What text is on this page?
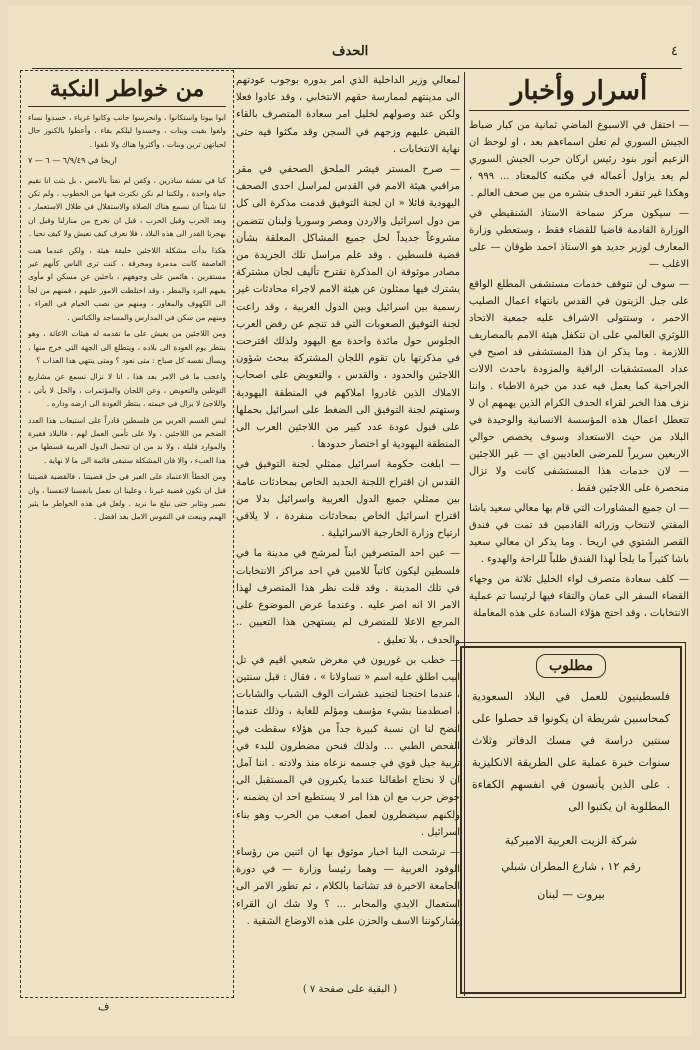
الحدف	٤
أسرار وأخبار

— احتفل في الاسبوع الماضي ثمانية من كبار ضباط الجيش السوري لم تعلن اسماءهم بعد ، او لوحظ ان الزعيم أنور بنود رئيس اركان حرب الجيش السوري لم يعد يزاول أعماله في مكتبه كالمعتاد ... ٩٩٩ ، وهكذا غير تنفرد الحدف بنشره من بين صحف العالم .

— سيكون مركز سماحة الاستاذ الشنقيطي في الوزارة القادمة قاضيا للقضاء فقط ، وستعطي وزارة المعارف لوزير جديد هو الاستاذ احمد طوقان — على الاغلب —

— سوف لن تتوقف خدمات مستشفى المطلع الواقع على جبل الزيتون في القدس بانتهاء اعمال الصليب الاحمر ، وستتولى الاشراف عليه جمعية الاتحاد اللوثري العالمي على ان تتكفل هيئة الامم بالمصاريف اللازمة . وما يذكر ان هذا المستشفى قد اصبح في عداد المستشفيات الراقية والمزودة باحدث الالات الجراحية كما يعمل فيه عدد من خيرة الاطباء . واننا نزف هذا الخبر لقراء الحدف الكرام الذين يهمهم ان لا تتعطل اعمال هذه المؤسسة الانسانية والوحيدة في البلاد من حيث الاستعداد وسوف يخصص حوالي الاربعين سريراً للمرضى العاديين اي — غير اللاجئين — لان خدمات هذا المستشفى كانت ولا تزال منحصرة على اللاجئين فقط .

— ان جميع المشاورات التي قام بها معالي سعيد باشا المفتي لانتخاب وزرائه القادمين قد تمت في فندق القصر الشتوي في اريحا . وما يذكر ان معالي سعيد باشا كثيراً ما يلجأ لهذا الفندق طلباً للراحة والهدوء .

— كلف سعادة متصرف لواء الخليل ثلاثة من وجهاء القضاء السفر الى عمان والتقاء فيها لرئيسا تم عملية الانتخابات ، وقد احتج هؤلاء السادة على هذه المعاملة

مطلوب
فلسطينيون للعمل في البلاد السعودية كمحاسبين شريطة ان يكونوا قد حصلوا على سنتين دراسة في مسك الدفاتر وثلاث سنوات خبرة عملية على الطريقة الانكليزية . على الذين يأنسون في انفسهم الكفاءة المطلوبة ان يكتبوا الى
شركة الزيت العربية الاميركية
رقم ١٢ ، شارع المطران شبلي
بيروت — لبنان

لمعالي وزير الداخلية الذي امر بدوره بوجوب عودتهم الى مدينتهم لممارسة حقهم الانتخابي ، وقد عادوا فعلا ولكن عند وصولهم لخليل امر سعادة المتصرف بالقاء القبض عليهم وزجهم في السجن وقد مكثوا فيه حتى نهاية الانتخابات .

— صرح المستر فيشر الملحق الصحفي في مقر مراقبي هيئة الامم في القدس لمراسل احدى الصحف اليهودية قائلا « ان لجنة التوفيق قدمت مذكرة الى كل من دول اسرائيل والاردن ومصر وسوريا ولبنان تتضمن مشروعاً جديداً لحل جميع المشاكل المعلقة بشأن قضية فلسطين . وقد علم مراسل تلك الجريدة من مصادر موثوقة ان المذكرة تقترح تأليف لجان مشتركة يشترك فيها ممثلون عن هيئة الامم لاجراء محادثات غير رسمية بين اسرائيل وبين الدول العربية ، وقد راعت لجنة التوفيق الصعوبات التي قد تنجم عن رفض العرب الجلوس حول مائدة واحدة مع اليهود ولذلك اقترحت في مذكرتها بان تقوم اللجان المشتركة ببحث شؤون اللاجئين والحدود ، والقدس ، والتعويض على اصحاب الاملاك الذين غادروا املاكهم في المنطقة اليهودية وستهتم لجنة التوفيق الى الضغط على اسرائيل بحملها على قبول عودة عدد كبير من اللاجئين العرب الى المنطقة اليهودية او اختصار حدودها .

— ابلغت حكومة اسرائيل ممثلي لجنة التوفيق في القدس ان اقتراح اللجنة الجديد الخاص بمحادثات عامة بين ممثلي جميع الدول العربية واسرائيل بدلا من اقتراح اسرائيل الخاص بمحادثات منفردة ، لا يلاقي ارتياح وزارة الخارجية الاسرائيلية .

— عين احد المتصرفين ابناً لمرشح في مدينة ما في فلسطين ليكون كاتباً للامين في احد مراكز الانتخابات في تلك المدينة . وقد قلت نظر هذا المتصرف لهذا الامر الا انه اصر عليه . وعندما عرض الموضوع على المرجع الاعلا للمتصرف لم يستهجن هذا التعيين .. والحدف ، بلا تعليق .

— خطب بن غوريون في معرض شعبي اقيم في تل ابيب اطلق عليه اسم « تساولانا » ، فقال : قبل سنتين ، عندما احتجنا لتجنيد عشرات الوف الشباب والشابات ، اصطدمنا بشيء مؤسف ومؤلم للغاية ، وذلك عندما اتضح لنا ان نسبة كبيرة جداً من هؤلاء سقطت في الفحص الطبي ... ولذلك فنحن مضطرون للبدء في تربية جيل قوي في جسمه نزعاه منذ ولادته . اننا آمل ان لا نحتاج اطفالنا عندما يكبرون في المستقبل الى خوض حرب مع ان هذا امر لا يستطيع احد ان يضمنه ، ولكنهم سيضطرون لعمل اصعب من الحرب وهو بناء اسرائيل .

— ترشحت الينا اخبار موثوق بها ان اثنين من رؤساء الوفود العربية — وهما رئيسا وزارة — في دورة الجامعة الاخيرة قد تشاتما بالكلام ، ثم تطور الامر الى استعمال الايدي والمحابر ... ؟ ولا شك ان القراء يشاركوننا الاسف والحزن على هذه الاوضاع الشقية .

( البقية على صفحة ٧ )
من خواطر النكبة

ابوا بيوتا واستكانوا ، وانحرسوا جانب وكانوا غرباء ، خسدوا نساء ولفوا بقيت وبنات ، وخسدوا ليلكم بقاء ، وأعطوا بالكنوز حال لحياتهن ترين وبنات ، وأكثروا هناك ولا نلفوا .

اريحا في ٦/٩/٤٩ — ٦ — ٧

كنا في نفشة ساذرين ، وكفن لم نفتأ بالامس ، بل بثت انا نقيم حياة واحدة ، ولكننا لم نكن نكترث فيها من الخطوب ، ولم تكن لنا شيئاً ان نسمع هناك الصلاة والاستقلال في ظلال الاستعمار ، وبعد الحرب وقبل الحرب ، قبل ان نخرج من منازلنا وقبل ان يهجرنا القدر الى هذه البلاد ، فلا نعرف كيف نعيش ولا كيف نحيا .

هكذا بدأت مشكلة اللاجئين خليقة هيئة ، ولكن عندما هبت العاصفة كانت مدمرة ومحرقة ، كنت ترى الناس كأنهم غير مستقرين ، هائمين على وجوههم ، باحثين عن مسكن او مأوى يقيهم البرد والمطر ، وقد اختلطت الامور عليهم ، فمنهم من لجأ الى الكهوف والمغاور ، ومنهم من نصب الخيام في العراء ، ومنهم من سكن في المدارس والمساجد والكنائس .

ومن اللاجئين من يعيش على ما تقدمه له هيئات الاغاثة ، وهو ينتظر يوم العودة الى بلاده ، ويتطلع الى الجهة التي خرج منها ، ويسأل نفسه كل صباح : متى نعود ؟ ومتى ينتهي هذا العذاب ؟

واعجب ما في الامر بعد هذا ، انا لا نزال نسمع عن مشاريع التوطين والتعويض ، وعن اللجان والمؤتمرات ، والحل لا يأتي ، واللاجئ لا يزال في خيمته ، ينتظر العودة الى ارضه وداره .

ليس القسم العربي من فلسطين قادراً على استيعاب هذا العدد الضخم من اللاجئين ، ولا على تأمين العمل لهم ، فالبلاد فقيرة والموارد قليلة ، ولا بد من ان تتحمل الدول العربية قسطها من هذا العبء ، والا فان المشكلة ستبقى قائمة الى ما لا نهاية .

ومن الخطأ الاعتماد على الغير في حل قضيتنا ، فالقضية قضيتنا قبل ان تكون قضية غيرنا ، وعلينا ان نعمل بانفسنا لانفسنا ، وان نصبر ونثابر حتى نبلغ ما نريد . ولعل في هذه الخواطر ما يثير الهمم ويبعث في النفوس الامل بغد افضل .

ف
